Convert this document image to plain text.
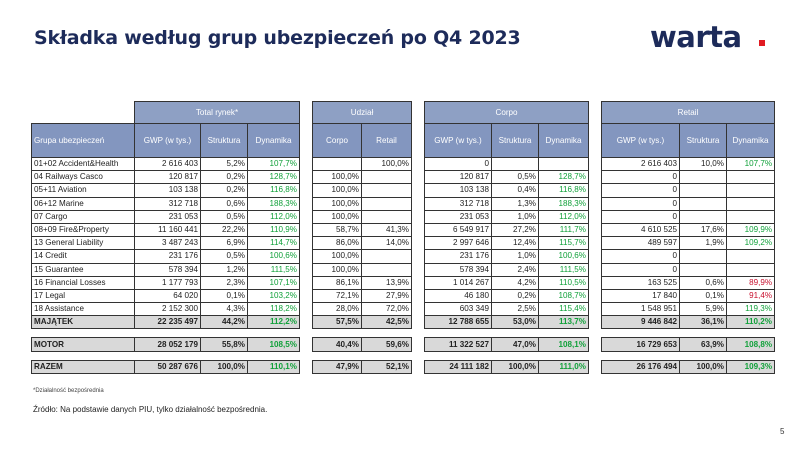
Składka według grup ubezpieczeń po Q4 2023	warta
	Total rynek*				Udział			Corpo				Retail		
Grupa ubezpieczeń	GWP (w tys.)	Struktura	Dynamika		Corpo	Retail		GWP (w tys.)	Struktura	Dynamika		GWP (w tys.)	Struktura	Dynamika
01+02 Accident&Health	2 616 403	5,2%	107,7%			100,0%		0				2 616 403	10,0%	107,7%
04 Railways Casco	120 817	0,2%	128,7%		100,0%			120 817	0,5%	128,7%		0		
05+11 Aviation	103 138	0,2%	116,8%		100,0%			103 138	0,4%	116,8%		0		
06+12 Marine	312 718	0,6%	188,3%		100,0%			312 718	1,3%	188,3%		0		
07 Cargo	231 053	0,5%	112,0%		100,0%			231 053	1,0%	112,0%		0		
08+09 Fire&Property	11 160 441	22,2%	110,9%		58,7%	41,3%		6 549 917	27,2%	111,7%		4 610 525	17,6%	109,9%
13 General Liability	3 487 243	6,9%	114,7%		86,0%	14,0%		2 997 646	12,4%	115,7%		489 597	1,9%	109,2%
14 Credit	231 176	0,5%	100,6%		100,0%			231 176	1,0%	100,6%		0		
15 Guarantee	578 394	1,2%	111,5%		100,0%			578 394	2,4%	111,5%		0		
16 Financial Losses	1 177 793	2,3%	107,1%		86,1%	13,9%		1 014 267	4,2%	110,5%		163 525	0,6%	89,9%
17 Legal	64 020	0,1%	103,2%		72,1%	27,9%		46 180	0,2%	108,7%		17 840	0,1%	91,4%
18 Assistance	2 152 300	4,3%	118,2%		28,0%	72,0%		603 349	2,5%	115,4%		1 548 951	5,9%	119,3%
MAJĄTEK	22 235 497	44,2%	112,2%		57,5%	42,5%		12 788 655	53,0%	113,7%		9 446 842	36,1%	110,2%

MOTOR	28 052 179	55,8%	108,5%		40,4%	59,6%		11 322 527	47,0%	108,1%		16 729 653	63,9%	108,8%

RAZEM	50 287 676	100,0%	110,1%		47,9%	52,1%		24 111 182	100,0%	111,0%		26 176 494	100,0%	109,3%
*Działalność bezpośrednia
Źródło: Na podstawie danych PIU, tylko działalność bezpośrednia.
5
